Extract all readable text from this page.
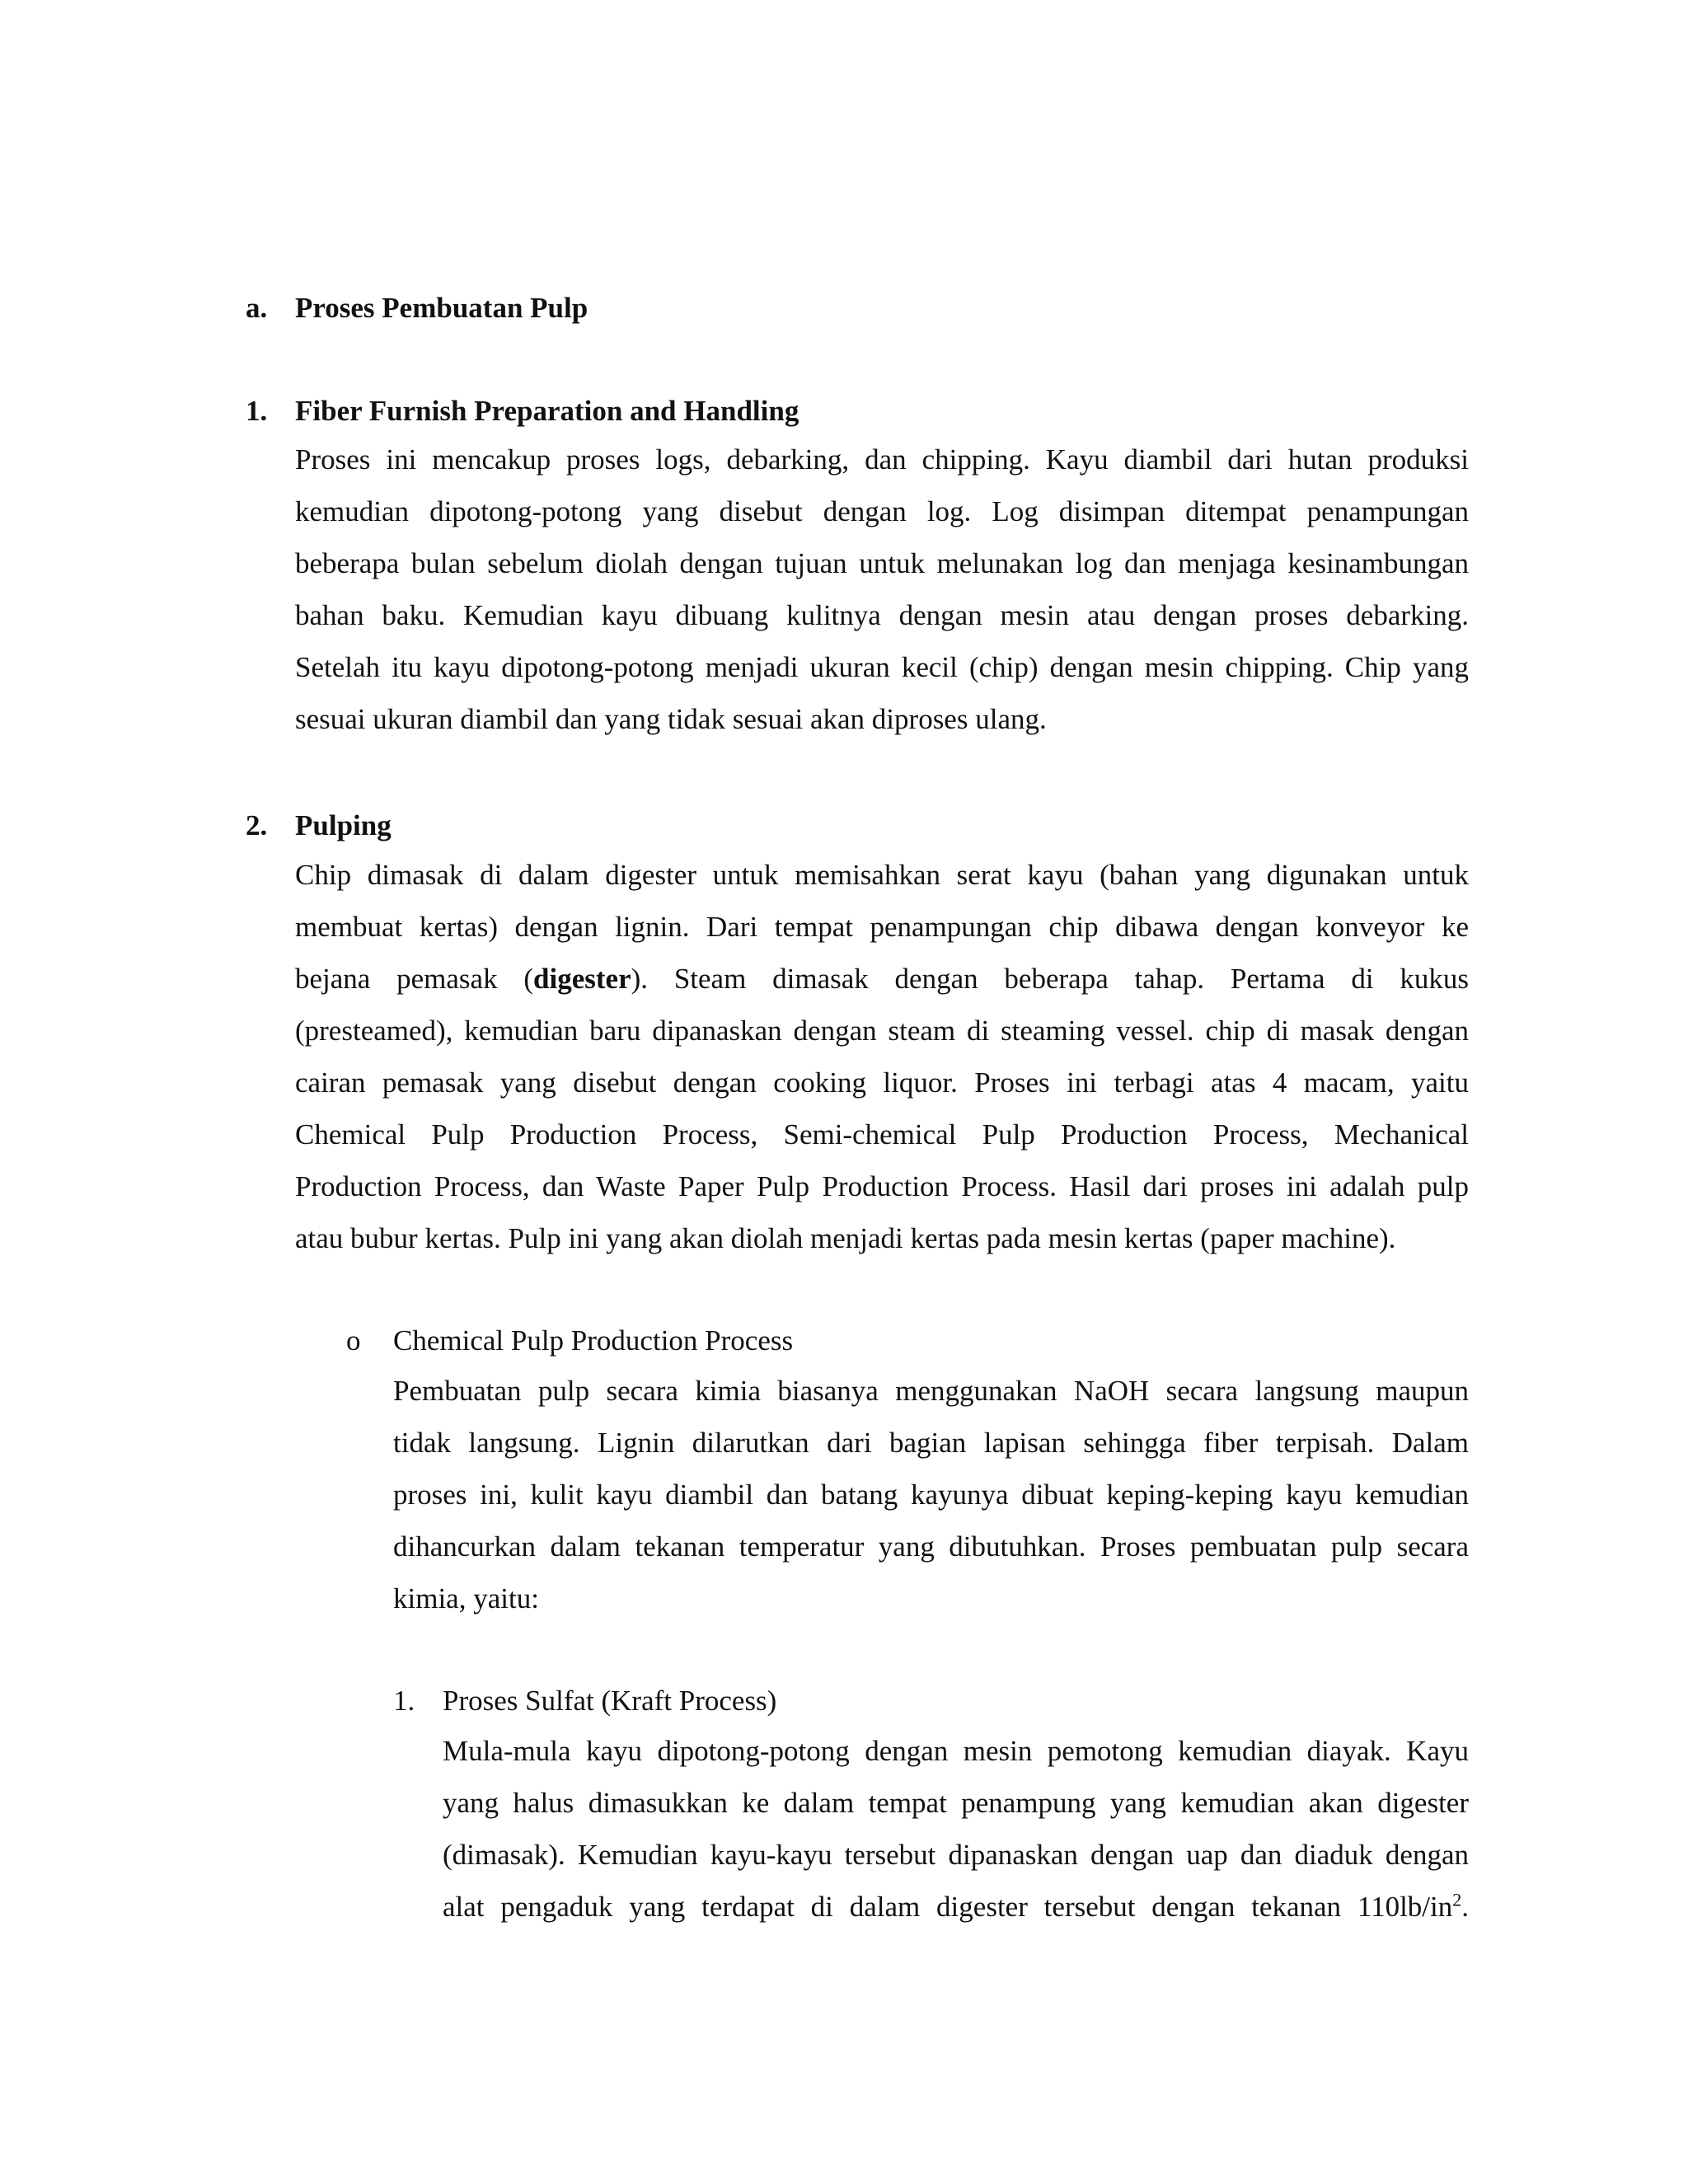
a. Proses Pembuatan Pulp
1. Fiber Furnish Preparation and Handling
Proses ini mencakup proses logs, debarking, dan chipping. Kayu diambil dari hutan produksi
kemudian dipotong-potong yang disebut dengan log. Log disimpan ditempat penampungan
beberapa bulan sebelum diolah dengan tujuan untuk melunakan log dan menjaga kesinambungan
bahan baku. Kemudian kayu dibuang kulitnya dengan mesin atau dengan proses debarking.
Setelah itu kayu dipotong-potong menjadi ukuran kecil (chip) dengan mesin chipping. Chip yang
sesuai ukuran diambil dan yang tidak sesuai akan diproses ulang.
2. Pulping
Chip dimasak di dalam digester untuk memisahkan serat kayu (bahan yang digunakan untuk
membuat kertas) dengan lignin. Dari tempat penampungan chip dibawa dengan konveyor ke
bejana pemasak (digester). Steam dimasak dengan beberapa tahap. Pertama di kukus
(presteamed), kemudian baru dipanaskan dengan steam di steaming vessel. chip di masak dengan
cairan pemasak yang disebut dengan cooking liquor. Proses ini terbagi atas 4 macam, yaitu
Chemical Pulp Production Process, Semi-chemical Pulp Production Process, Mechanical
Production Process, dan Waste Paper Pulp Production Process. Hasil dari proses ini adalah pulp
atau bubur kertas. Pulp ini yang akan diolah menjadi kertas pada mesin kertas (paper machine).
o Chemical Pulp Production Process
Pembuatan pulp secara kimia biasanya menggunakan NaOH secara langsung maupun
tidak langsung. Lignin dilarutkan dari bagian lapisan sehingga fiber terpisah. Dalam
proses ini, kulit kayu diambil dan batang kayunya dibuat keping-keping kayu kemudian
dihancurkan dalam tekanan temperatur yang dibutuhkan. Proses pembuatan pulp secara
kimia, yaitu:
1. Proses Sulfat (Kraft Process)
Mula-mula kayu dipotong-potong dengan mesin pemotong kemudian diayak. Kayu
yang halus dimasukkan ke dalam tempat penampung yang kemudian akan digester
(dimasak). Kemudian kayu-kayu tersebut dipanaskan dengan uap dan diaduk dengan
alat pengaduk yang terdapat di dalam digester tersebut dengan tekanan $110lb/in^2$.
